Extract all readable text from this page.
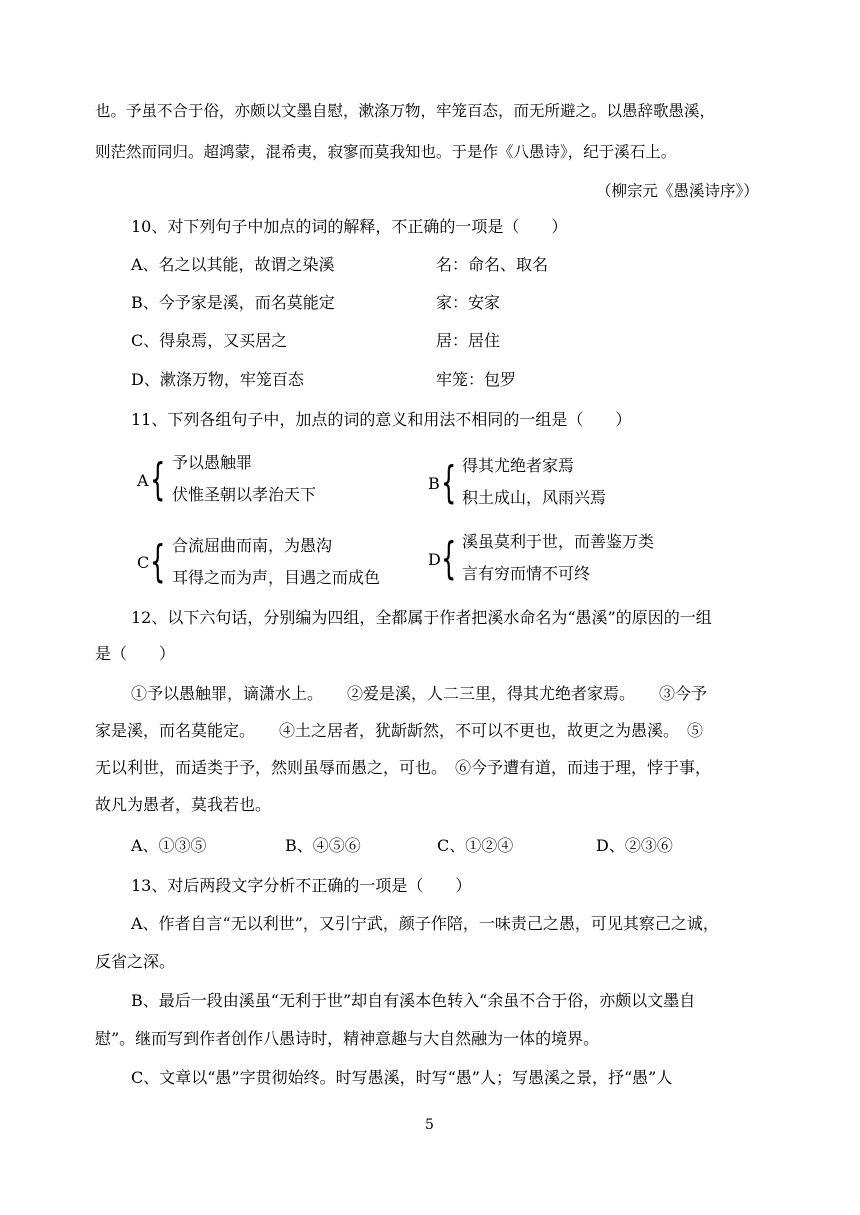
也。予虽不合于俗，亦颇以文墨自慰，漱涤万物，牢笼百态，而无所避之。以愚辞歌愚溪，
则茫然而同归。超鸿蒙，混希夷，寂寥而莫我知也。于是作《八愚诗》，纪于溪石上。
（柳宗元《愚溪诗序》）
10、对下列句子中加点的词的解释，不正确的一项是（　　）
A、名之以其能，故谓之染溪	名：命名、取名
B、今予家是溪，而名莫能定	家：安家
C、得泉焉，又买居之	居：居住
D、漱涤万物，牢笼百态	牢笼：包罗
11、下列各组句子中，加点的词的意义和用法不相同的一组是（　　）
A { 予以愚触罪
伏惟圣朝以孝治天下
B { 得其尤绝者家焉
积土成山，风雨兴焉
C { 合流屈曲而南，为愚沟
耳得之而为声，目遇之而成色
D { 溪虽莫利于世，而善鉴万类
言有穷而情不可终
12、以下六句话，分别编为四组，全都属于作者把溪水命名为“愚溪”的原因的一组
是（　　）
①予以愚触罪，谪潇水上。　　②爱是溪，人二三里，得其尤绝者家焉。　　③今予
家是溪，而名莫能定。　　④土之居者，犹龂龂然，不可以不更也，故更之为愚溪。　⑤
无以利世，而适类于予，然则虽辱而愚之，可也。　⑥今予遭有道，而违于理，悖于事，
故凡为愚者，莫我若也。
A、①③⑤	B、④⑤⑥	C、①②④	D、②③⑥
13、对后两段文字分析不正确的一项是（　　）
A、作者自言“无以利世”，又引宁武，颜子作陪，一味责己之愚，可见其察己之诚，
反省之深。
B、最后一段由溪虽“无利于世”却自有溪本色转入“余虽不合于俗，亦颇以文墨自
慰”。继而写到作者创作八愚诗时，精神意趣与大自然融为一体的境界。
C、文章以“愚”字贯彻始终。时写愚溪，时写“愚”人；写愚溪之景，抒“愚”人
5
